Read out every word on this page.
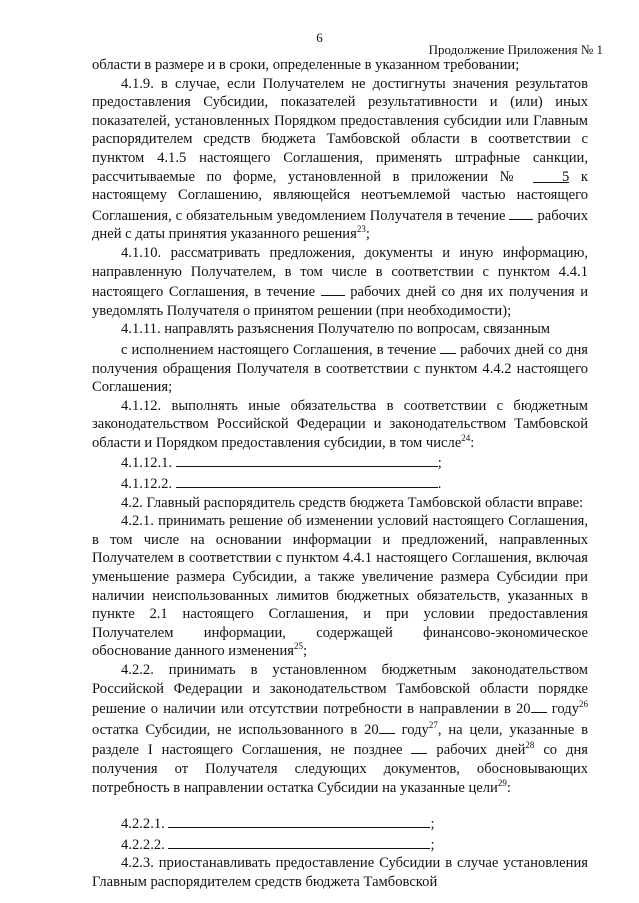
6
Продолжение Приложения № 1

области в размере и в сроки, определенные в указанном требовании;

4.1.9. в случае, если Получателем не достигнуты значения результатов предоставления Субсидии, показателей результативности и (или) иных показателей, установленных Порядком предоставления субсидии или Главным распорядителем средств бюджета Тамбовской области в соответствии с пунктом 4.1.5 настоящего Соглашения, применять штрафные санкции, рассчитываемые по форме, установленной в приложении №	5 к настоящему Соглашению, являющейся неотъемлемой частью настоящего Соглашения, с обязательным уведомлением Получателя в течение рабочих дней с даты принятия указанного решения$^{23}$;

4.1.10. рассматривать предложения, документы и иную информацию, направленную Получателем, в том числе в соответствии с пунктом 4.4.1 настоящего Соглашения, в течение рабочих дней со дня их получения и уведомлять Получателя о принятом решении (при необходимости);

4.1.11. направлять разъяснения Получателю по вопросам, связанным

с исполнением настоящего Соглашения, в течение рабочих дней со дня получения обращения Получателя в соответствии с пунктом 4.4.2 настоящего Соглашения;

4.1.12. выполнять иные обязательства в соответствии с бюджетным законодательством Российской Федерации и законодательством Тамбовской области и Порядком предоставления субсидии, в том числе$^{24}$:

4.1.12.1.	;

4.1.12.2.	.

4.2. Главный распорядитель средств бюджета Тамбовской области вправе:

4.2.1. принимать решение об изменении условий настоящего Соглашения, в том числе на основании информации и предложений, направленных Получателем в соответствии с пунктом 4.4.1 настоящего Соглашения, включая уменьшение размера Субсидии, а также увеличение размера Субсидии при наличии неиспользованных лимитов бюджетных обязательств, указанных в пункте 2.1 настоящего Соглашения, и при условии предоставления Получателем информации, содержащей финансово-экономическое обоснование данного изменения$^{25}$;

4.2.2. принимать в установленном бюджетным законодательством Российской Федерации и законодательством Тамбовской области порядке решение о наличии или отсутствии потребности в направлении в 20 году$^{26}$ остатка Субсидии, не использованного в 20 году$^{27}$, на цели, указанные в разделе I настоящего Соглашения, не позднее рабочих дней$^{28}$ со дня получения от Получателя следующих документов, обосновывающих потребность в направлении остатка Субсидии на указанные цели$^{29}$:

4.2.2.1.	;

4.2.2.2.	;

4.2.3. приостанавливать предоставление Субсидии в случае установления Главным распорядителем средств бюджета Тамбовской
